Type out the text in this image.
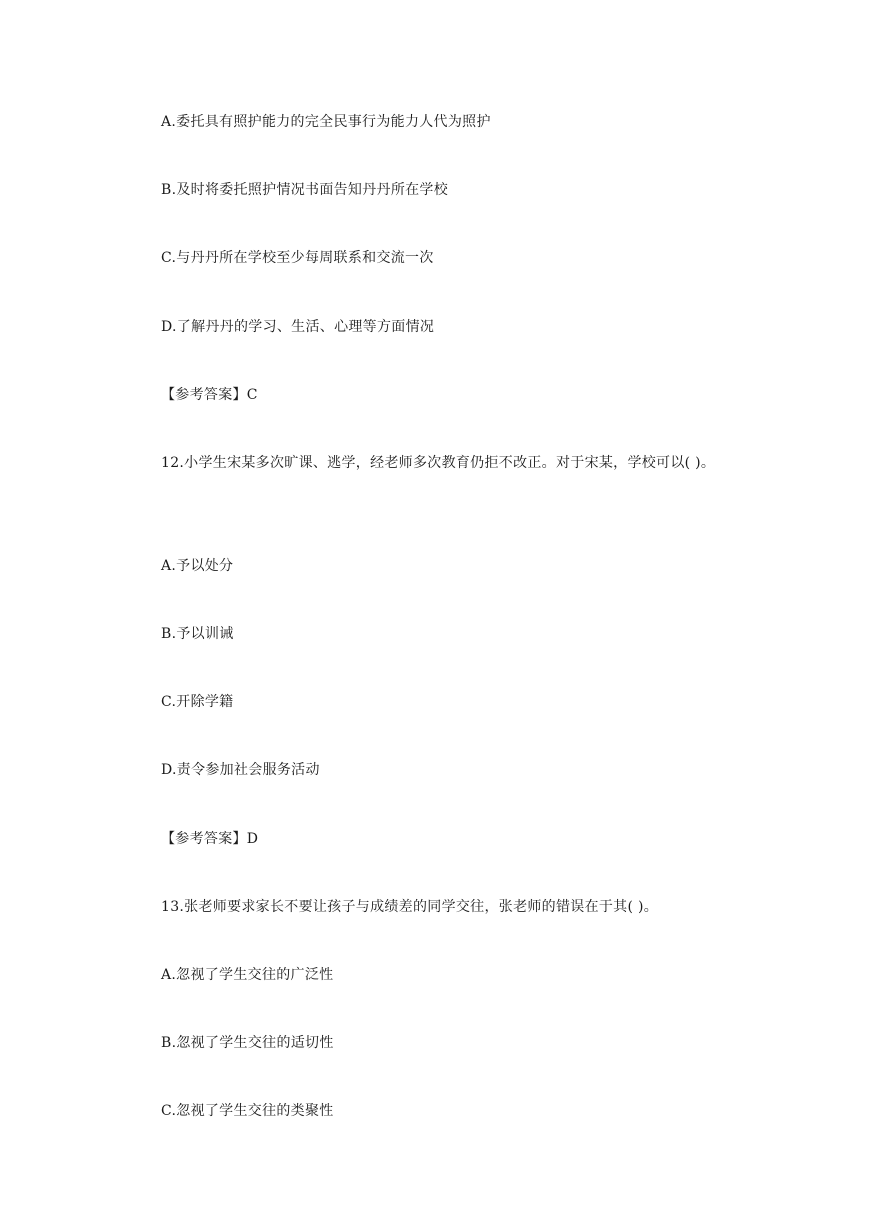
A.委托具有照护能力的完全民事行为能力人代为照护
B.及时将委托照护情况书面告知丹丹所在学校
C.与丹丹所在学校至少每周联系和交流一次
D.了解丹丹的学习、生活、心理等方面情况
【参考答案】C
12.小学生宋某多次旷课、逃学，经老师多次教育仍拒不改正。对于宋某，学校可以( )。
A.予以处分
B.予以训诫
C.开除学籍
D.责令参加社会服务活动
【参考答案】D
13.张老师要求家长不要让孩子与成绩差的同学交往，张老师的错误在于其( )。
A.忽视了学生交往的广泛性
B.忽视了学生交往的适切性
C.忽视了学生交往的类聚性
